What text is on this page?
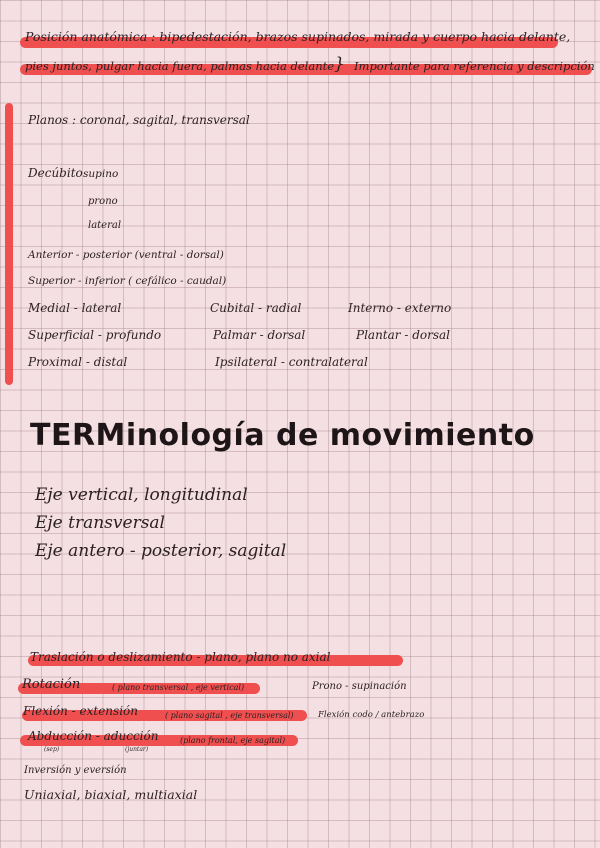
Posición anatómica : bipedestación, brazos supinados, mirada y cuerpo hacia delante,
pies juntos, pulgar hacia fuera, palmas hacia delante } Importante para referencia y descripción
Planos : coronal, sagital, transversal
Decúbito supino
prono
lateral
Anterior - posterior (ventral - dorsal)
Superior - inferior ( cefálico - caudal)
Medial - lateral	Cubital - radial	Interno - externo
Superficial - profundo	Palmar - dorsal	Plantar - dorsal
Proximal - distal	Ipsilateral - contralateral
TERMinología de movimiento
Eje vertical, longitudinal
Eje transversal
Eje antero - posterior, sagital
Traslación o deslizamiento - plano, plano no axial
Rotación	( plano transversal , eje vertical)	Prono - supinación
Flexión - extensión	( plano sagital , eje transversal)	Flexión codo / antebrazo
Abducción - aducción	(plano frontal, eje sagital)
(sep)	(juntar)
Inversión y eversión
Uniaxial, biaxial, multiaxial
